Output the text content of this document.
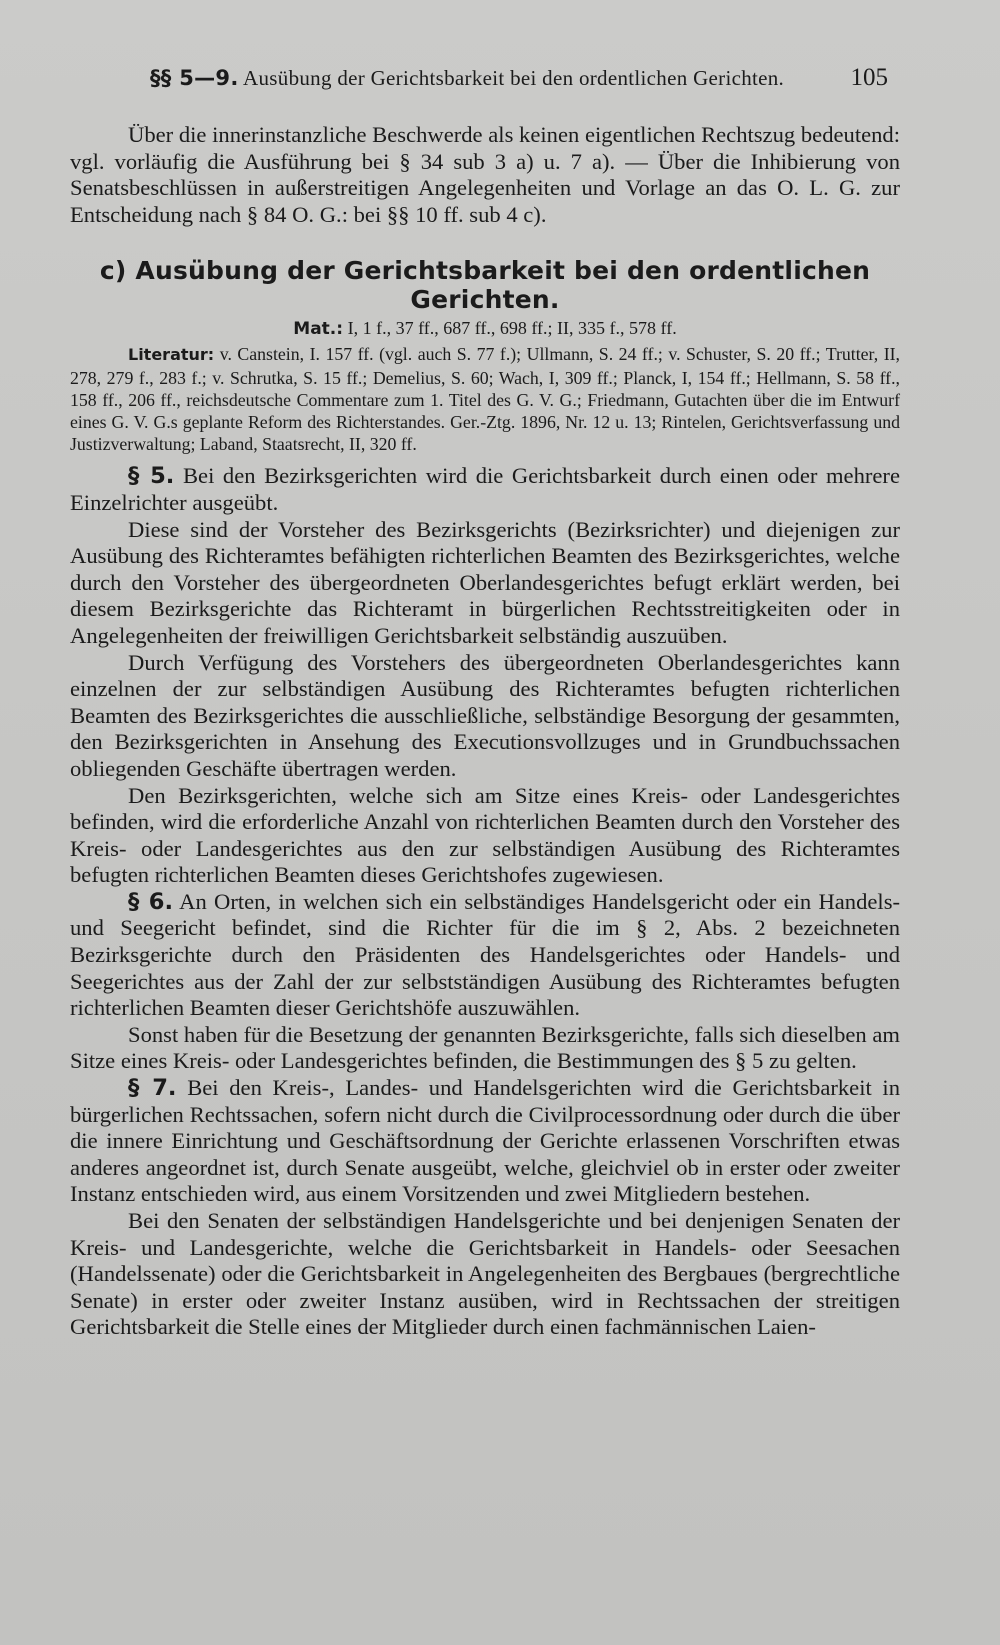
§§ 5—9. Ausübung der Gerichtsbarkeit bei den ordentlichen Gerichten.	105

Über die innerinstanzliche Beschwerde als keinen eigentlichen Rechtszug bedeutend: vgl. vorläufig die Ausführung bei § 34 sub 3 a) u. 7 a). — Über die Inhibierung von Senatsbeschlüssen in außerstreitigen Angelegenheiten und Vorlage an das O. L. G. zur Entscheidung nach § 84 O. G.: bei §§ 10 ff. sub 4 c).

c) Ausübung der Gerichtsbarkeit bei den ordentlichen Gerichten.
Mat.: I, 1 f., 37 ff., 687 ff., 698 ff.; II, 335 f., 578 ff.

Literatur: v. Canstein, I. 157 ff. (vgl. auch S. 77 f.); Ullmann, S. 24 ff.; v. Schuster, S. 20 ff.; Trutter, II, 278, 279 f., 283 f.; v. Schrutka, S. 15 ff.; Demelius, S. 60; Wach, I, 309 ff.; Planck, I, 154 ff.; Hellmann, S. 58 ff., 158 ff., 206 ff., reichsdeutsche Commentare zum 1. Titel des G. V. G.; Friedmann, Gutachten über die im Entwurf eines G. V. G.s geplante Reform des Richterstandes. Ger.-Ztg. 1896, Nr. 12 u. 13; Rintelen, Gerichtsverfassung und Justizverwaltung; Laband, Staatsrecht, II, 320 ff.

§ 5. Bei den Bezirksgerichten wird die Gerichtsbarkeit durch einen oder mehrere Einzelrichter ausgeübt.

Diese sind der Vorsteher des Bezirksgerichts (Bezirksrichter) und diejenigen zur Ausübung des Richteramtes befähigten richterlichen Beamten des Bezirksgerichtes, welche durch den Vorsteher des übergeordneten Oberlandesgerichtes befugt erklärt werden, bei diesem Bezirksgerichte das Richteramt in bürgerlichen Rechtsstreitigkeiten oder in Angelegenheiten der freiwilligen Gerichtsbarkeit selbständig auszuüben.

Durch Verfügung des Vorstehers des übergeordneten Oberlandesgerichtes kann einzelnen der zur selbständigen Ausübung des Richteramtes befugten richterlichen Beamten des Bezirksgerichtes die ausschließliche, selbständige Besorgung der gesammten, den Bezirksgerichten in Ansehung des Executionsvollzuges und in Grundbuchssachen obliegenden Geschäfte übertragen werden.

Den Bezirksgerichten, welche sich am Sitze eines Kreis- oder Landesgerichtes befinden, wird die erforderliche Anzahl von richterlichen Beamten durch den Vorsteher des Kreis- oder Landesgerichtes aus den zur selbständigen Ausübung des Richteramtes befugten richterlichen Beamten dieses Gerichtshofes zugewiesen.

§ 6. An Orten, in welchen sich ein selbständiges Handelsgericht oder ein Handels- und Seegericht befindet, sind die Richter für die im § 2, Abs. 2 bezeichneten Bezirksgerichte durch den Präsidenten des Handelsgerichtes oder Handels- und Seegerichtes aus der Zahl der zur selbstständigen Ausübung des Richteramtes befugten richterlichen Beamten dieser Gerichtshöfe auszuwählen.

Sonst haben für die Besetzung der genannten Bezirksgerichte, falls sich dieselben am Sitze eines Kreis- oder Landesgerichtes befinden, die Bestimmungen des § 5 zu gelten.

§ 7. Bei den Kreis-, Landes- und Handelsgerichten wird die Gerichtsbarkeit in bürgerlichen Rechtssachen, sofern nicht durch die Civilprocessordnung oder durch die über die innere Einrichtung und Geschäftsordnung der Gerichte erlassenen Vorschriften etwas anderes angeordnet ist, durch Senate ausgeübt, welche, gleichviel ob in erster oder zweiter Instanz entschieden wird, aus einem Vorsitzenden und zwei Mitgliedern bestehen.

Bei den Senaten der selbständigen Handelsgerichte und bei denjenigen Senaten der Kreis- und Landesgerichte, welche die Gerichtsbarkeit in Handels- oder Seesachen (Handelssenate) oder die Gerichtsbarkeit in Angelegenheiten des Bergbaues (bergrechtliche Senate) in erster oder zweiter Instanz ausüben, wird in Rechtssachen der streitigen Gerichtsbarkeit die Stelle eines der Mitglieder durch einen fachmännischen Laien-
